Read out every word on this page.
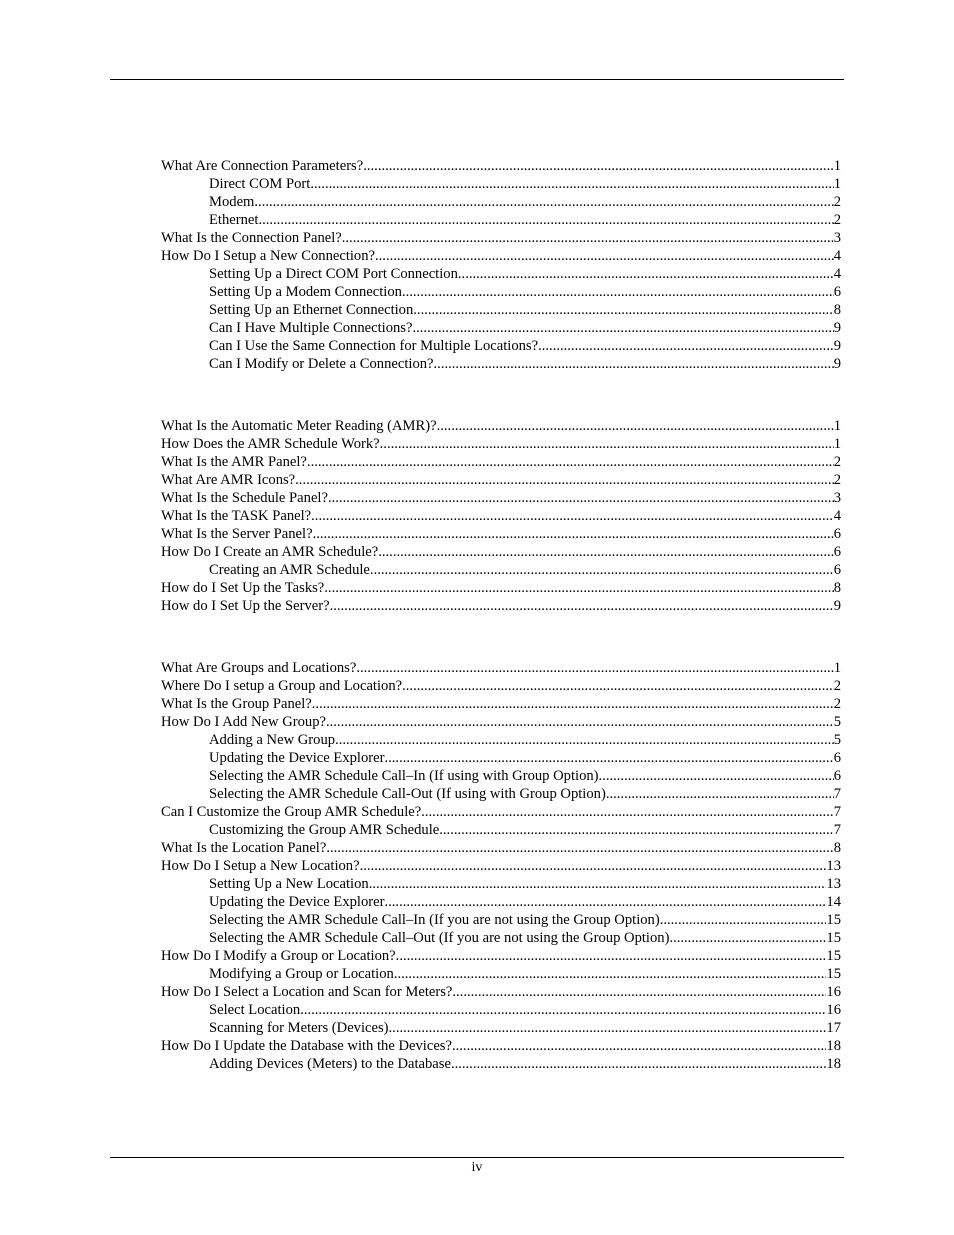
What Are Connection Parameters? .....	1
Direct COM Port .....	1
Modem .....	2
Ethernet .....	2
What Is the Connection Panel? .....	3
How Do I Setup a New Connection? .....	4
Setting Up a Direct COM Port Connection .....	4
Setting Up a Modem Connection .....	6
Setting Up an Ethernet Connection .....	8
Can I Have Multiple Connections? .....	9
Can I Use the Same Connection for Multiple Locations? .....	9
Can I Modify or Delete a Connection? .....	9
What Is the Automatic Meter Reading (AMR)? .....	1
How Does the AMR Schedule Work? .....	1
What Is the AMR Panel? .....	2
What Are AMR Icons? .....	2
What Is the Schedule Panel? .....	3
What Is the TASK Panel? .....	4
What Is the Server Panel? .....	6
How Do I Create an AMR Schedule? .....	6
Creating an AMR Schedule .....	6
How do I Set Up the Tasks? .....	8
How do I Set Up the Server? .....	9
What Are Groups and Locations? .....	1
Where Do I setup a Group and Location? .....	2
What Is the Group Panel? .....	2
How Do I Add New Group? .....	5
Adding a New Group .....	5
Updating the Device Explorer .....	6
Selecting the AMR Schedule Call–In (If using with Group Option) .....	6
Selecting the AMR Schedule Call-Out (If using with Group Option) .....	7
Can I Customize the Group AMR Schedule? .....	7
Customizing the Group AMR Schedule .....	7
What Is the Location Panel? .....	8
How Do I Setup a New Location? .....	13
Setting Up a New Location .....	13
Updating the Device Explorer .....	14
Selecting the AMR Schedule Call–In (If you are not using the Group Option) .....	15
Selecting the AMR Schedule Call–Out (If you are not using the Group Option) .....	15
How Do I Modify a Group or Location? .....	15
Modifying a Group or Location .....	15
How Do I Select a Location and Scan for Meters? .....	16
Select Location .....	16
Scanning for Meters (Devices) .....	17
How Do I Update the Database with the Devices? .....	18
Adding Devices (Meters) to the Database .....	18
iv
